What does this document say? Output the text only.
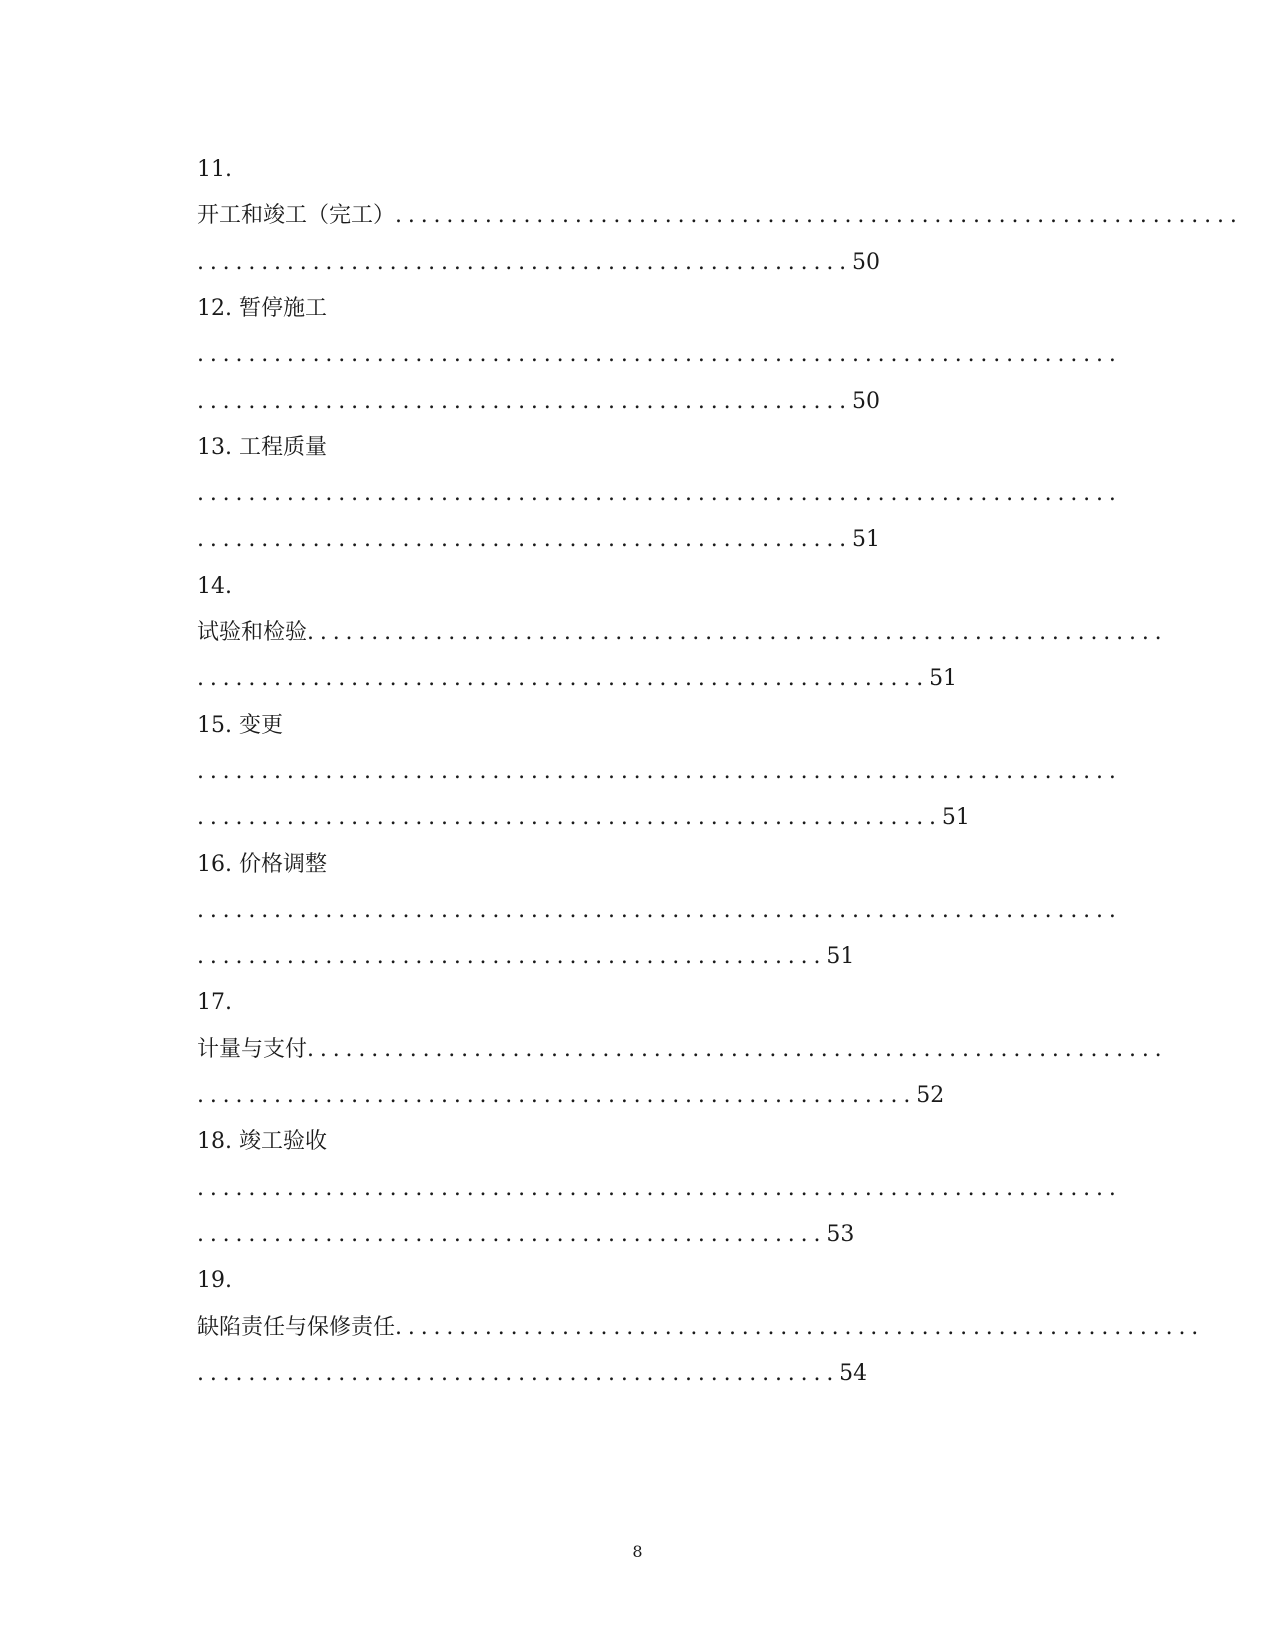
11.
开工和竣工（完工）..................................................................
...................................................50
12. 暂停施工
........................................................................
...................................................50
13. 工程质量
........................................................................
...................................................51
14.
试验和检验...................................................................
.........................................................51
15. 变更
........................................................................
..........................................................51
16. 价格调整
........................................................................
.................................................51
17.
计量与支付...................................................................
........................................................52
18. 竣工验收
........................................................................
.................................................53
19.
缺陷责任与保修责任...............................................................
..................................................54
8
